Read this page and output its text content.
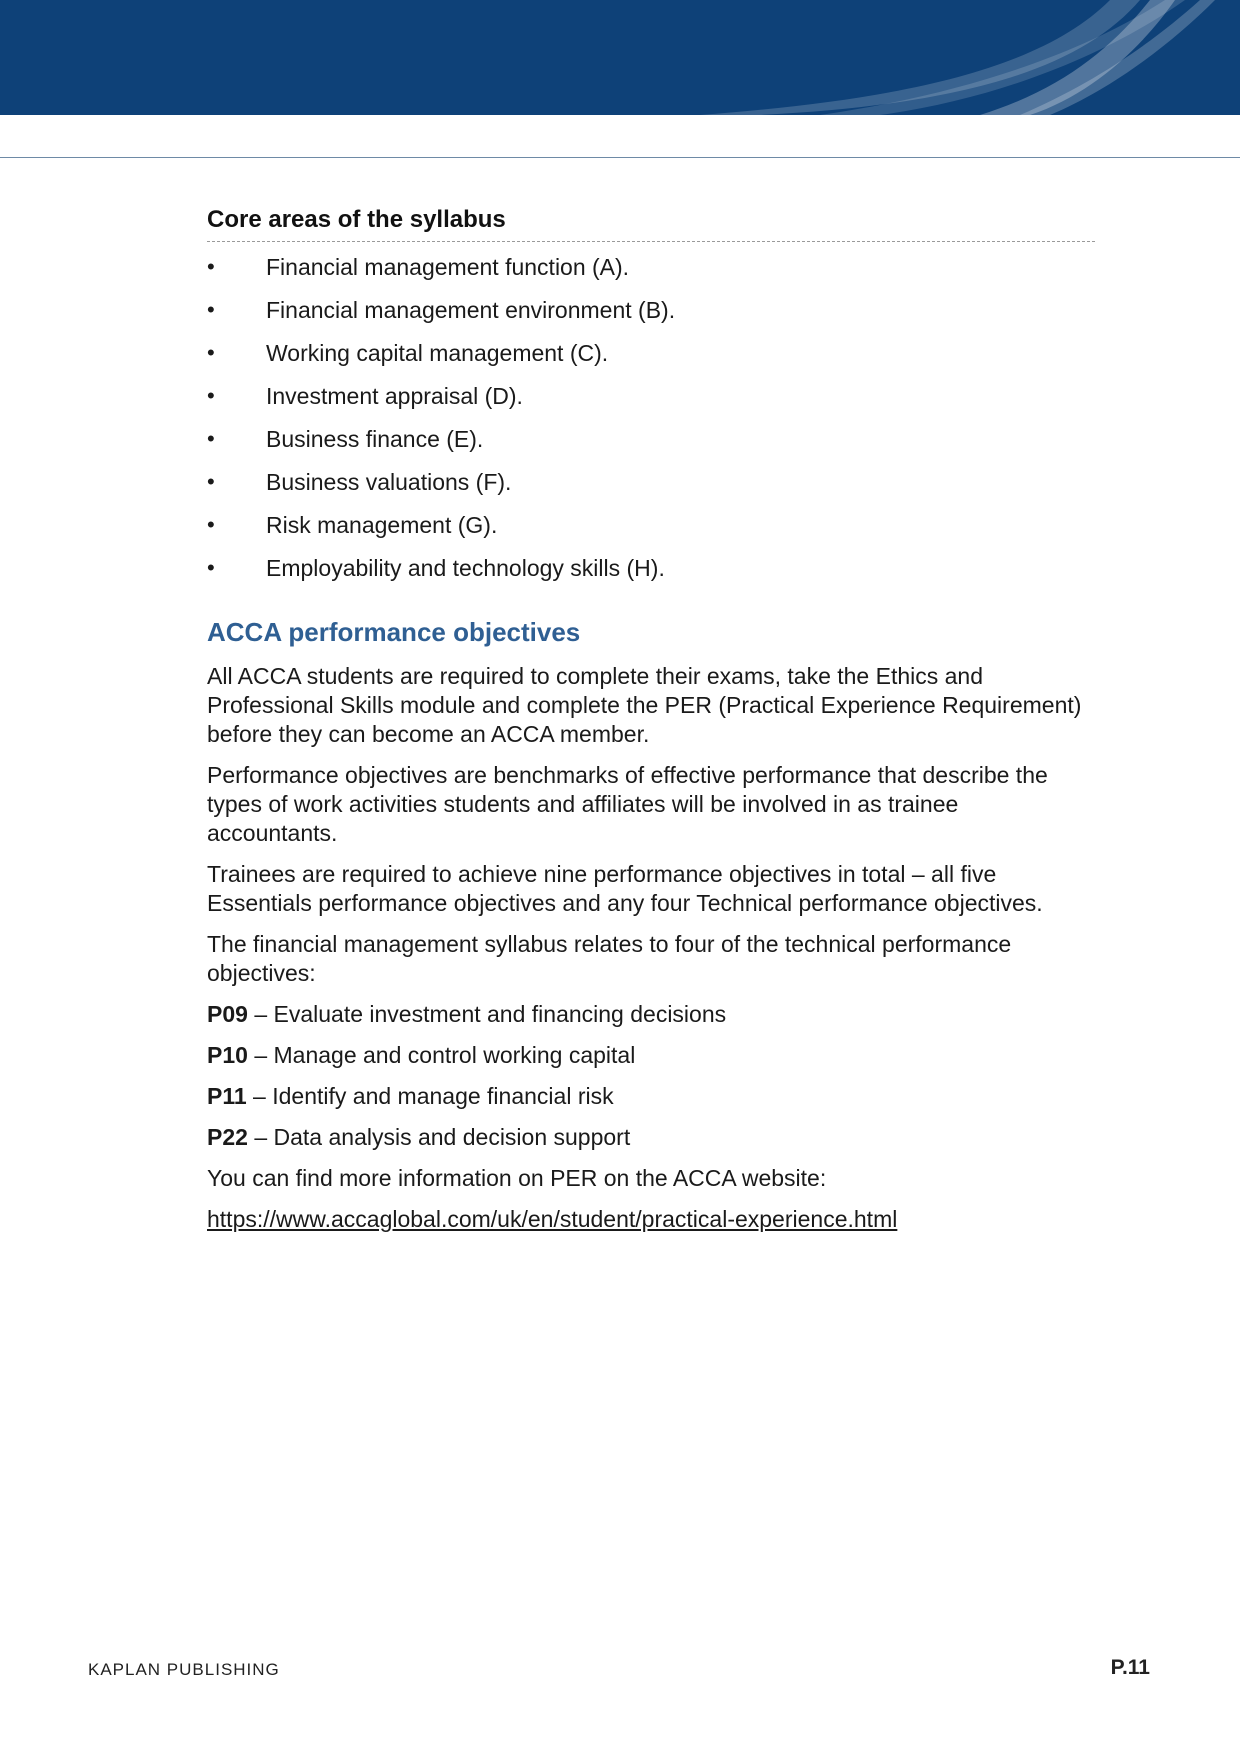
Core areas of the syllabus
• Financial management function (A).
• Financial management environment (B).
• Working capital management (C).
• Investment appraisal (D).
• Business finance (E).
• Business valuations (F).
• Risk management (G).
• Employability and technology skills (H).
ACCA performance objectives

All ACCA students are required to complete their exams, take the Ethics and Professional Skills module and complete the PER (Practical Experience Requirement) before they can become an ACCA member.

Performance objectives are benchmarks of effective performance that describe the types of work activities students and affiliates will be involved in as trainee accountants.

Trainees are required to achieve nine performance objectives in total – all five Essentials performance objectives and any four Technical performance objectives.

The financial management syllabus relates to four of the technical performance objectives:

P09 – Evaluate investment and financing decisions
P10 – Manage and control working capital
P11 – Identify and manage financial risk
P22 – Data analysis and decision support

You can find more information on PER on the ACCA website:

https://www.accaglobal.com/uk/en/student/practical-experience.html
KAPLAN PUBLISHING	P.11
